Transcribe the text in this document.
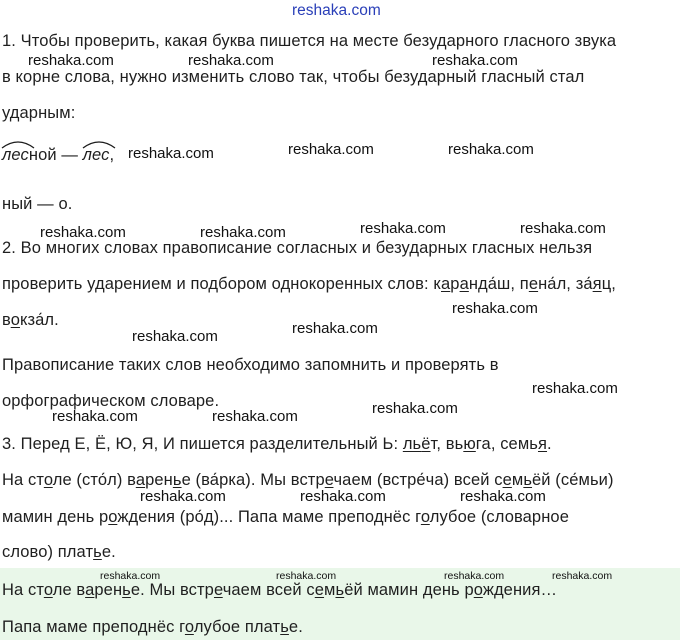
reshaka.com
reshaka.com	reshaka.com	reshaka.com
reshaka.com	reshaka.com	reshaka.com
reshaka.com	reshaka.com	reshaka.com	reshaka.com
reshaka.com
reshaka.com	reshaka.com
reshaka.com
reshaka.com	reshaka.com	reshaka.com
reshaka.com	reshaka.com	reshaka.com
1. Чтобы проверить, какая буква пишется на месте безударного гласного звука
в корне слова, нужно изменить слово так, чтобы безударный гласный стал
ударным:
лесной —
лес,
ный — о.
2. Во многих словах правописание согласных и безударных гласных нельзя
проверить ударением и подбором однокоренных слов: каранда́ш, пена́л, за́яц,
вокза́л.
Правописание таких слов необходимо запомнить и проверять в
орфографическом словаре.
3. Перед Е, Ё, Ю, Я, И пишется разделительный Ь: льёт, вьюга, семья.
На столе (сто́л) варенье (ва́рка). Мы встречаем (встре́ча) всей семьёй (се́мьи)
мамин день рождения (ро́д)... Папа маме преподнёс голубое (словарное
слово) платье.
reshaka.com	reshaka.com	reshaka.com	reshaka.com
На столе варенье. Мы встречаем всей семьёй мамин день рождения…
Папа маме преподнёс голубое платье.
